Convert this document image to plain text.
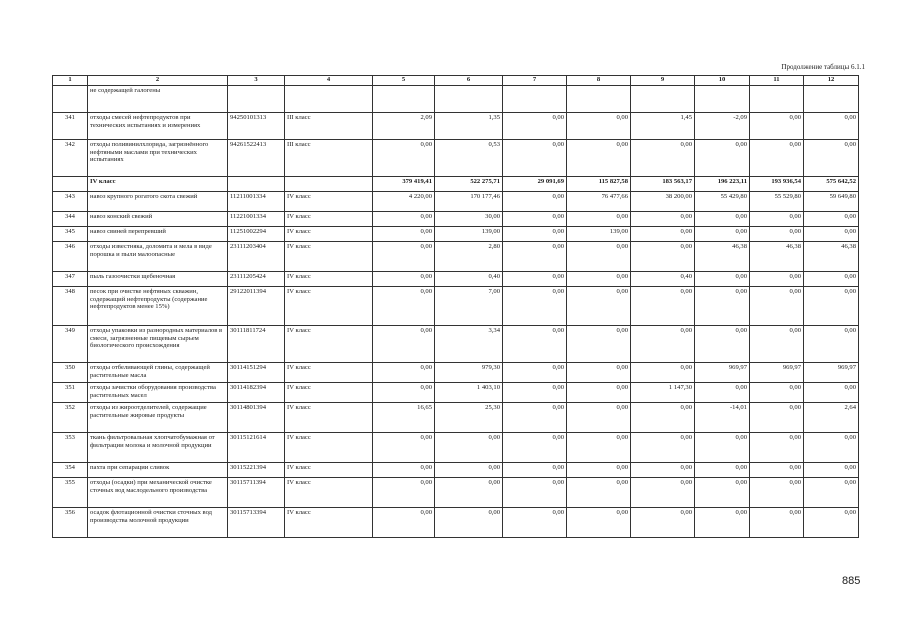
Продолжение таблицы 6.1.1
1	2	3	4	5	6	7	8	9	10	11	12
	не содержащей галогены										
341	отходы смесей нефтепродуктов при технических испытаниях и измерениях	94250101313	III класс	2,09	1,35	0,00	0,00	1,45	-2,09	0,00	0,00
342	отходы поливинилхлорида, загрязнённого нефтяными маслами при технических испытаниях	94261522413	III класс	0,00	0,53	0,00	0,00	0,00	0,00	0,00	0,00
	IV класс			379 419,41	522 275,71	29 091,69	115 827,58	183 563,17	196 223,11	193 936,54	575 642,52
343	навоз крупного рогатого скота свежий	11211001334	IV класс	4 220,00	170 177,46	0,00	76 477,66	38 200,00	55 429,80	55 529,80	59 649,80
344	навоз конский свежий	11221001334	IV класс	0,00	30,00	0,00	0,00	0,00	0,00	0,00	0,00
345	навоз свиней перепревший	11251002294	IV класс	0,00	139,00	0,00	139,00	0,00	0,00	0,00	0,00
346	отходы известняка, доломита и мела в виде порошка и пыли малоопасные	23111203404	IV класс	0,00	2,80	0,00	0,00	0,00	46,38	46,38	46,38
347	пыль газоочистки щебеночная	23111205424	IV класс	0,00	0,40	0,00	0,00	0,40	0,00	0,00	0,00
348	песок при очистке нефтяных скважин, содержащий нефтепродукты (содержание нефтепродуктов менее 15%)	29122011394	IV класс	0,00	7,00	0,00	0,00	0,00	0,00	0,00	0,00
349	отходы упаковки из разнородных материалов в смеси, загрязненные пищевым сырьем биологического происхождения	30111811724	IV класс	0,00	3,34	0,00	0,00	0,00	0,00	0,00	0,00
350	отходы отбеливающей глины, содержащей растительные масла	30114151294	IV класс	0,00	979,30	0,00	0,00	0,00	969,97	969,97	969,97
351	отходы зачистки оборудования производства растительных масел	30114182394	IV класс	0,00	1 403,10	0,00	0,00	1 147,30	0,00	0,00	0,00
352	отходы из жироотделителей, содержащие растительные жировые продукты	30114801394	IV класс	16,65	25,30	0,00	0,00	0,00	-14,01	0,00	2,64
353	ткань фильтровальная хлопчатобумажная от фильтрации молока и молочной продукции	30115121614	IV класс	0,00	0,00	0,00	0,00	0,00	0,00	0,00	0,00
354	пахта при сепарации сливок	30115221394	IV класс	0,00	0,00	0,00	0,00	0,00	0,00	0,00	0,00
355	отходы (осадки) при механической очистке сточных вод маслодельного производства	30115711394	IV класс	0,00	0,00	0,00	0,00	0,00	0,00	0,00	0,00
356	осадок флотационной очистки сточных вод производства молочной продукции	30115713394	IV класс	0,00	0,00	0,00	0,00	0,00	0,00	0,00	0,00
885
